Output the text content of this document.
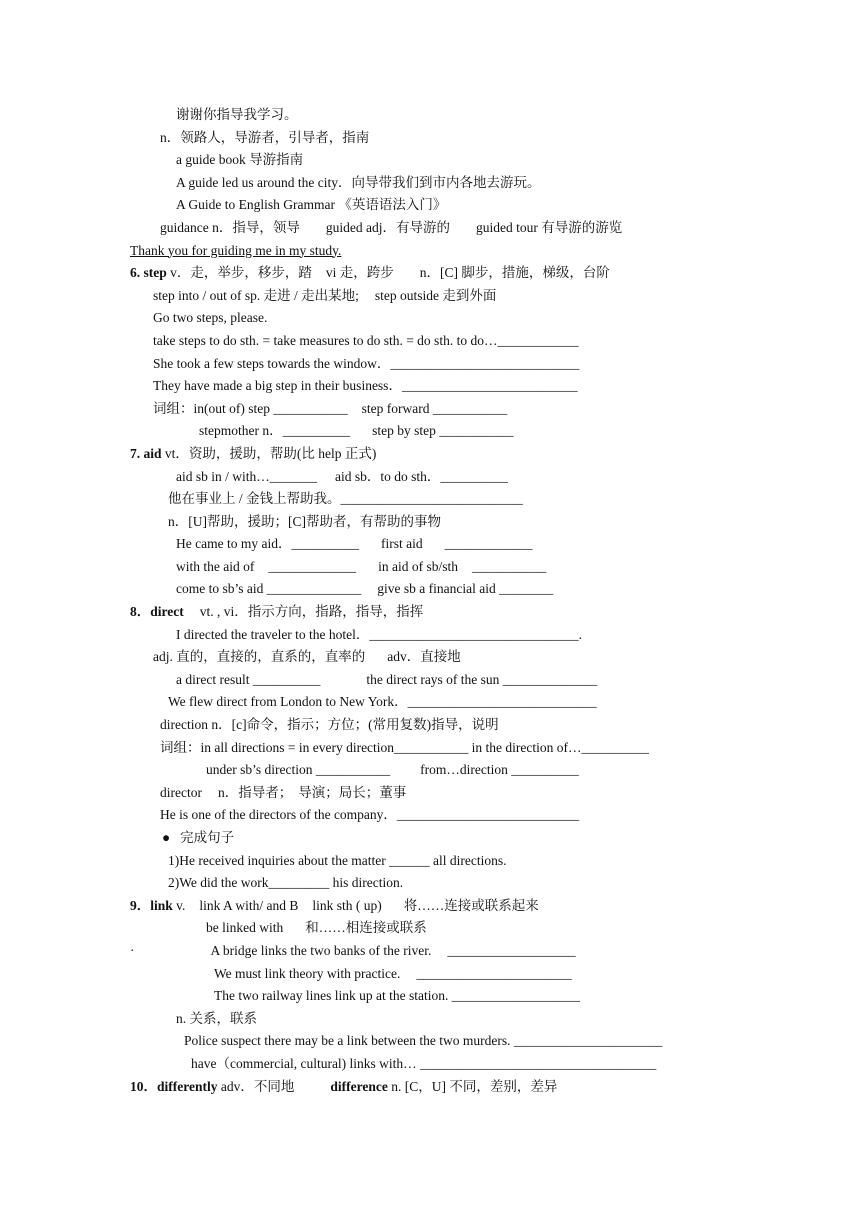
谢谢你指导我学习。
n．领路人，导游者，引导者，指南
a guide book 导游指南
A guide led us around the city．向导带我们到市内各地去游玩。
A Guide to English Grammar 《英语语法入门》
guidance n．指导，领导 guided adj．有导游的 guided tour 有导游的游览
Thank you for guiding me in my study.
6. step v．走，举步，移步，踏 vi 走，跨步 n．[C] 脚步，措施，梯级，台阶
step into / out of sp. 走进 / 走出某地; step outside 走到外面
Go two steps, please.
take steps to do sth. = take measures to do sth. = do sth. to do…____________
She took a few steps towards the window．____________________________
They have made a big step in their business．__________________________
词组：in(out of) step ___________ step forward ___________
stepmother n．__________ step by step ___________
7. aid vt．资助，援助，帮助(比 help 正式)
aid sb in / with…_______ aid sb．to do sth．__________
他在事业上 / 金钱上帮助我。___________________________
n．[U]帮助，援助；[C]帮助者，有帮助的事物
He came to my aid．__________ first aid _____________
with the aid of _____________ in aid of sb/sth ___________
come to sb’s aid ______________ give sb a financial aid ________
8．direct vt. , vi．指示方向，指路，指导，指挥
I directed the traveler to the hotel．_______________________________.
adj. 直的，直接的，直系的，直率的 adv．直接地
a direct result __________	the direct rays of the sun ______________
We flew direct from London to New York．____________________________
direction n．[c]命令，指示；方位；(常用复数)指导，说明
词组：in all directions = in every direction___________ in the direction of…__________
under sb’s direction ___________ from…direction __________
director n．指导者； 导演；局长；董事
He is one of the directors of the company．___________________________
● 完成句子
1)He received inquiries about the matter ______ all directions.
2)We did the work_________ his direction.
9．link v. link A with/ and B link sth ( up) 将……连接或联系起来
be linked with 和……相连接或联系
·	A bridge links the two banks of the river. ___________________
We must link theory with practice. _______________________
The two railway lines link up at the station. ___________________
n. 关系，联系
Police suspect there may be a link between the two murders. ______________________
have（commercial, cultural) links with… ___________________________________
10．differently adv．不同地	difference n. [C，U] 不同，差别，差异
